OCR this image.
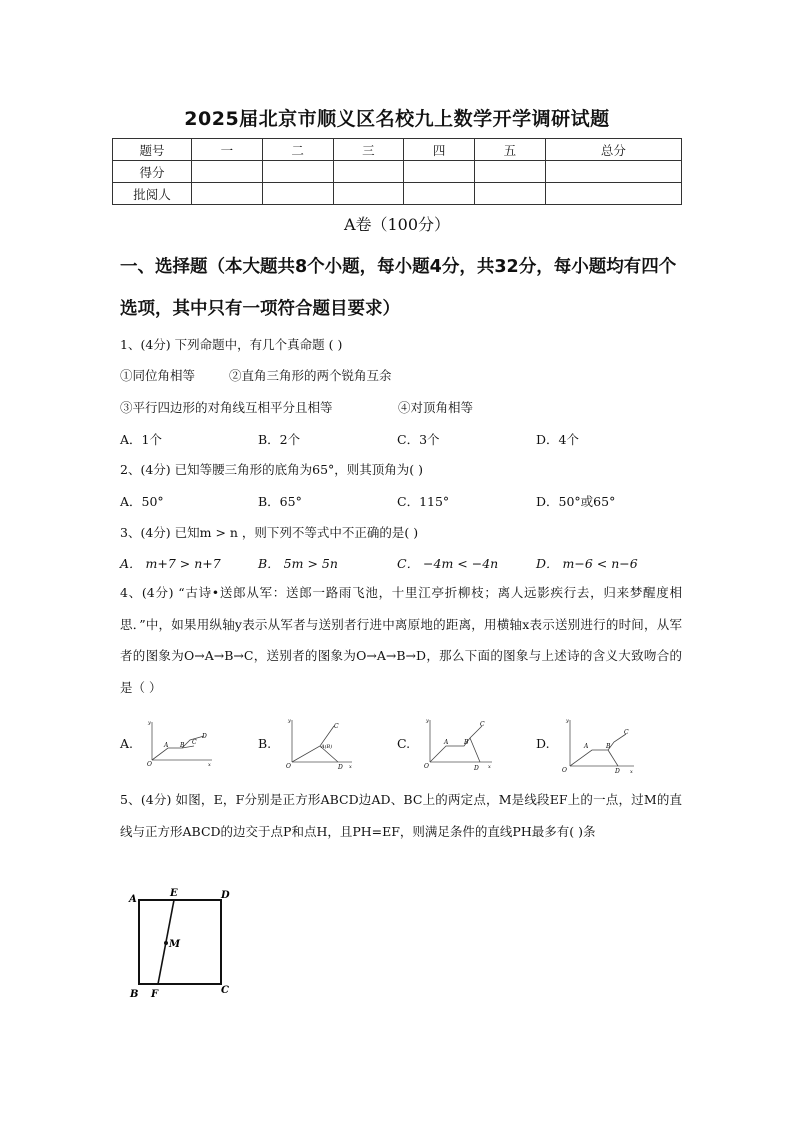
2025届北京市顺义区名校九上数学开学调研试题
题号	一	二	三	四	五	总分
得分						
批阅人						
A卷（100分）
一、选择题（本大题共8个小题，每小题4分，共32分，每小题均有四个选项，其中只有一项符合题目要求）
1、(4分) 下列命题中，有几个真命题 ( )
①同位角相等	②直角三角形的两个锐角互余
③平行四边形的对角线互相平分且相等	④对顶角相等
A．1个	B．2个	C．3个	D．4个
2、(4分) 已知等腰三角形的底角为65°，则其顶角为( )
A．50°	B．65°	C．115°	D．50°或65°
3、(4分) 已知m > n ，则下列不等式中不正确的是( )
A． m+7 > n+7	B． 5m > 5n	C． −4m < −4n	D． m−6 < n−6
4、(4分) “古诗•送郎从军：送郎一路雨飞池，十里江亭折柳枝；离人远影疾行去，归来梦醒度相思．”中，如果用纵轴y表示从军者与送别者行进中离原地的距离，用横轴x表示送别进行的时间，从军者的图象为O→A→B→C，送别者的图象为O→A→B→D，那么下面的图象与上述诗的含义大致吻合的是（ ）
A.
y
O
A B
D
C
x
B.
y
O
A(B)
C
D x
C.
y
O
A	B
C
D x
D.
y
O
A	B
C
D x
5、(4分) 如图，E，F分别是正方形ABCD边AD、BC上的两定点，M是线段EF上的一点，过M的直线与正方形ABCD的边交于点P和点H，且PH=EF，则满足条件的直线PH最多有( )条
A
E	D
M
B F	C
